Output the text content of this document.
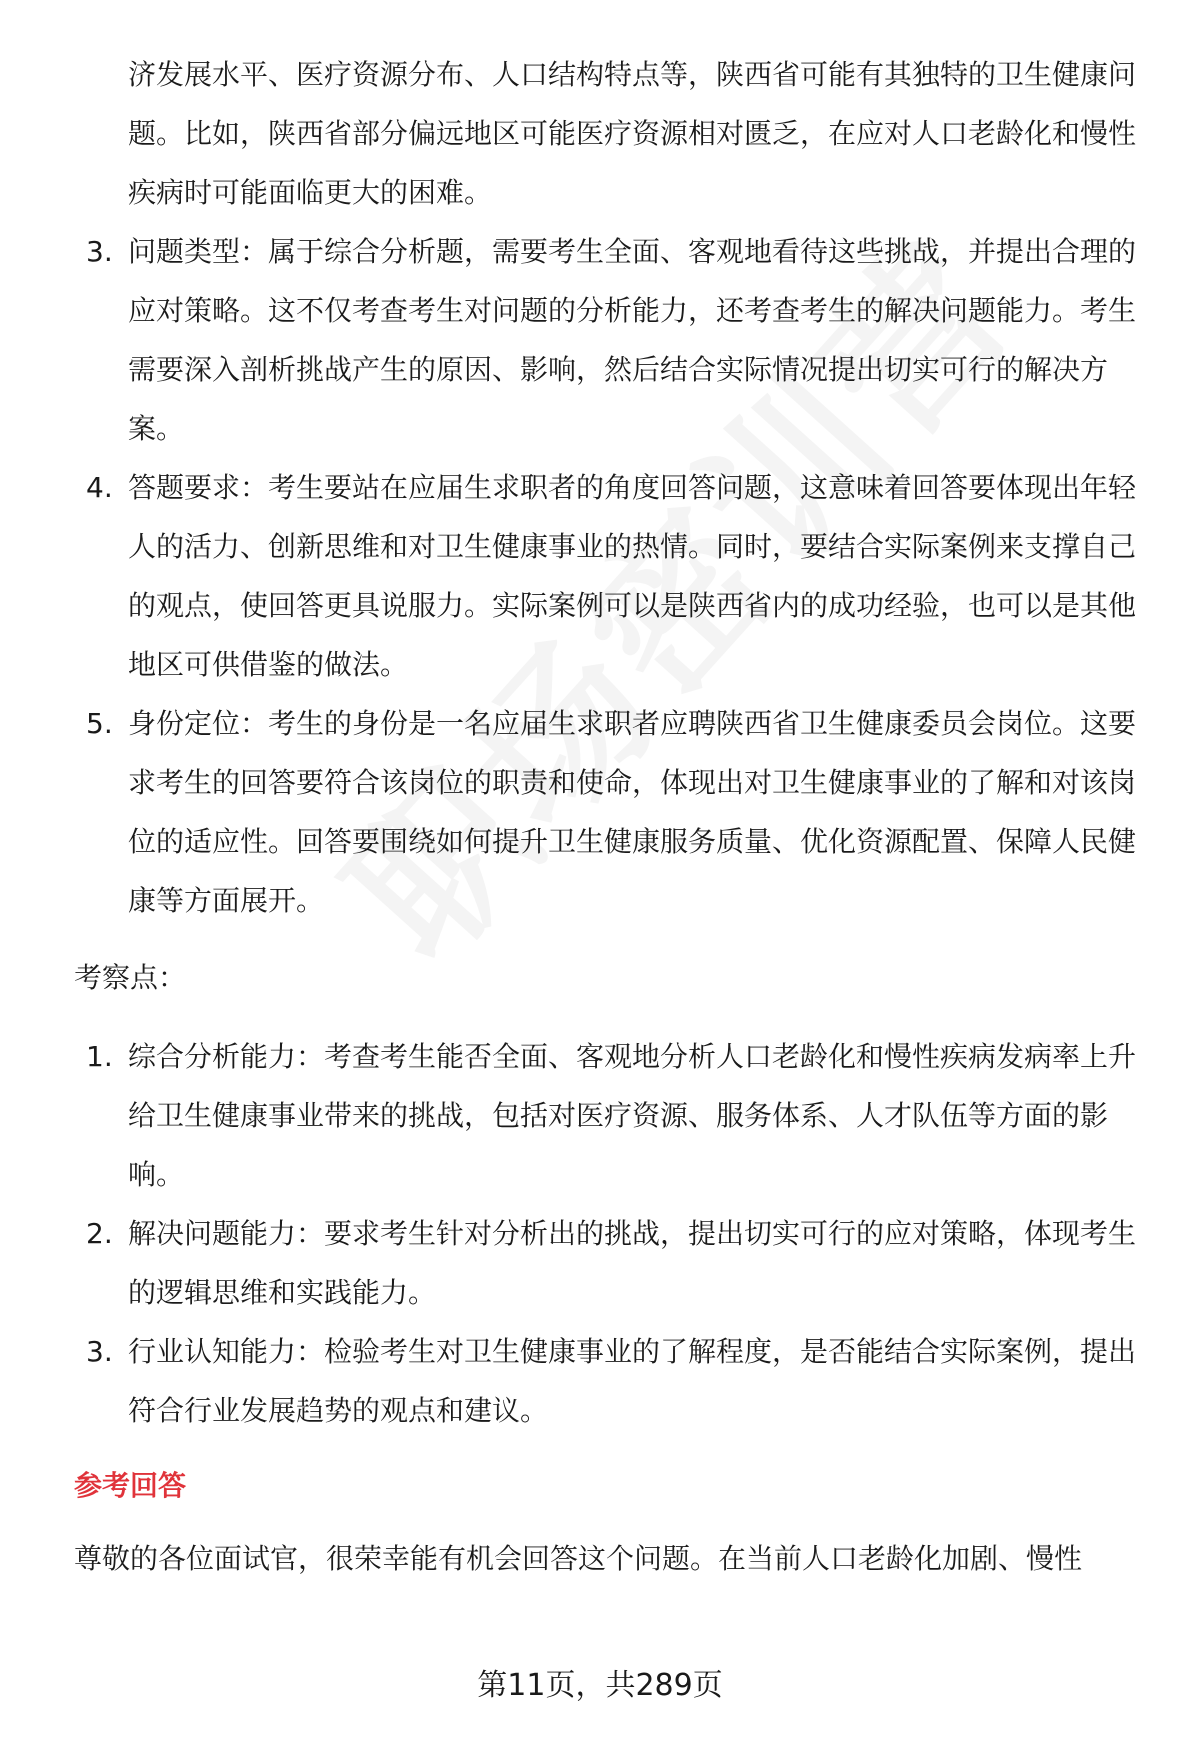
济发展水平、医疗资源分布、人口结构特点等，陕西省可能有其独特的卫生健康问题。比如，陕西省部分偏远地区可能医疗资源相对匮乏，在应对人口老龄化和慢性疾病时可能面临更大的困难。
3. 问题类型：属于综合分析题，需要考生全面、客观地看待这些挑战，并提出合理的应对策略。这不仅考查考生对问题的分析能力，还考查考生的解决问题能力。考生需要深入剖析挑战产生的原因、影响，然后结合实际情况提出切实可行的解决方案。
4. 答题要求：考生要站在应届生求职者的角度回答问题，这意味着回答要体现出年轻人的活力、创新思维和对卫生健康事业的热情。同时，要结合实际案例来支撑自己的观点，使回答更具说服力。实际案例可以是陕西省内的成功经验，也可以是其他地区可供借鉴的做法。
5. 身份定位：考生的身份是一名应届生求职者应聘陕西省卫生健康委员会岗位。这要求考生的回答要符合该岗位的职责和使命，体现出对卫生健康事业的了解和对该岗位的适应性。回答要围绕如何提升卫生健康服务质量、优化资源配置、保障人民健康等方面展开。
考察点：
1. 综合分析能力：考查考生能否全面、客观地分析人口老龄化和慢性疾病发病率上升给卫生健康事业带来的挑战，包括对医疗资源、服务体系、人才队伍等方面的影响。
2. 解决问题能力：要求考生针对分析出的挑战，提出切实可行的应对策略，体现考生的逻辑思维和实践能力。
3. 行业认知能力：检验考生对卫生健康事业的了解程度，是否能结合实际案例，提出符合行业发展趋势的观点和建议。
参考回答
尊敬的各位面试官，很荣幸能有机会回答这个问题。在当前人口老龄化加剧、慢性
第11页，共289页
